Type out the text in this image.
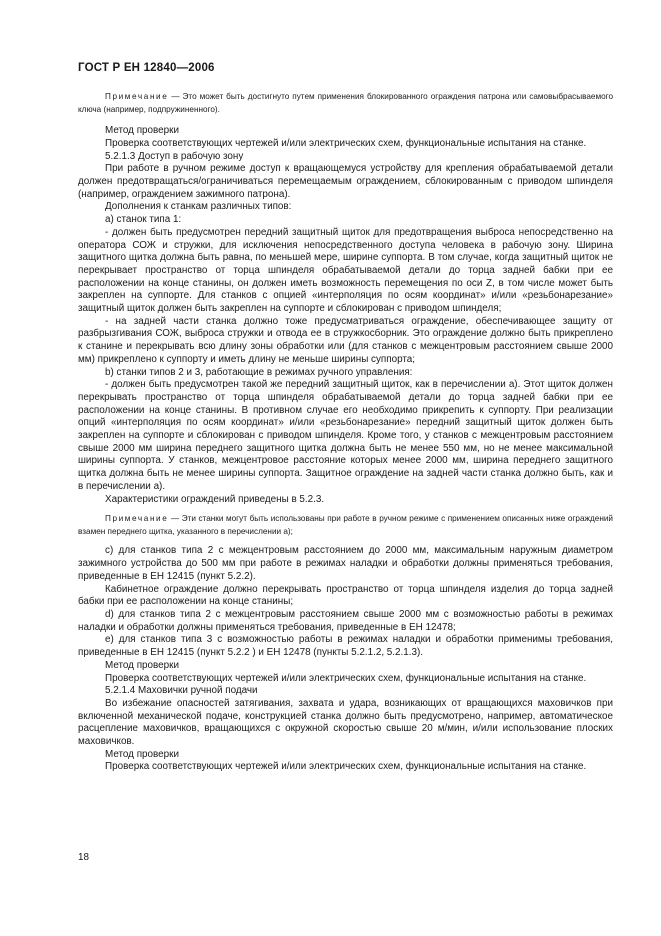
ГОСТ Р ЕН 12840—2006

Примечание — Это может быть достигнуто путем применения блокированного ограждения патрона или самовыбрасываемого ключа (например, подпружиненного).

Метод проверки

Проверка соответствующих чертежей и/или электрических схем, функциональные испытания на станке.

5.2.1.3 Доступ в рабочую зону

При работе в ручном режиме доступ к вращающемуся устройству для крепления обрабатываемой детали должен предотвращаться/ограничиваться перемещаемым ограждением, сблокированным с приводом шпинделя (например, ограждением зажимного патрона).

Дополнения к станкам различных типов:

а) станок типа 1:

- должен быть предусмотрен передний защитный щиток для предотвращения выброса непосредственно на оператора СОЖ и стружки, для исключения непосредственного доступа человека в рабочую зону. Ширина защитного щитка должна быть равна, по меньшей мере, ширине суппорта. В том случае, когда защитный щиток не перекрывает пространство от торца шпинделя обрабатываемой детали до торца задней бабки при ее расположении на конце станины, он должен иметь возможность перемещения по оси Z, в том числе может быть закреплен на суппорте. Для станков с опцией «интерполяция по осям координат» и/или «резьбонарезание» защитный щиток должен быть закреплен на суппорте и сблокирован с приводом шпинделя;

- на задней части станка должно тоже предусматриваться ограждение, обеспечивающее защиту от разбрызгивания СОЖ, выброса стружки и отвода ее в стружкосборник. Это ограждение должно быть прикреплено к станине и перекрывать всю длину зоны обработки или (для станков с межцентровым расстоянием свыше 2000 мм) прикреплено к суппорту и иметь длину не меньше ширины суппорта;

b) станки типов 2 и 3, работающие в режимах ручного управления:

- должен быть предусмотрен такой же передний защитный щиток, как в перечислении а). Этот щиток должен перекрывать пространство от торца шпинделя обрабатываемой детали до торца задней бабки при ее расположении на конце станины. В противном случае его необходимо прикрепить к суппорту. При реализации опций «интерполяция по осям координат» и/или «резьбонарезание» передний защитный щиток должен быть закреплен на суппорте и сблокирован с приводом шпинделя. Кроме того, у станков с межцентровым расстоянием свыше 2000 мм ширина переднего защитного щитка должна быть не менее 550 мм, но не менее максимальной ширины суппорта. У станков, межцентровое расстояние которых менее 2000 мм, ширина переднего защитного щитка должна быть не менее ширины суппорта. Защитное ограждение на задней части станка должно быть, как и в перечислении а).

Характеристики ограждений приведены в 5.2.3.

Примечание — Эти станки могут быть использованы при работе в ручном режиме с применением описанных ниже ограждений взамен переднего щитка, указанного в перечислении а);

с) для станков типа 2 с межцентровым расстоянием до 2000 мм, максимальным наружным диаметром зажимного устройства до 500 мм при работе в режимах наладки и обработки должны применяться требования, приведенные в ЕН 12415 (пункт 5.2.2).

Кабинетное ограждение должно перекрывать пространство от торца шпинделя изделия до торца задней бабки при ее расположении на конце станины;

d) для станков типа 2 с межцентровым расстоянием свыше 2000 мм с возможностью работы в режимах наладки и обработки должны применяться требования, приведенные в ЕН 12478;

е) для станков типа 3 с возможностью работы в режимах наладки и обработки применимы требования, приведенные в ЕН 12415 (пункт 5.2.2 ) и ЕН 12478 (пункты 5.2.1.2, 5.2.1.3).

Метод проверки

Проверка соответствующих чертежей и/или электрических схем, функциональные испытания на станке.

5.2.1.4 Маховички ручной подачи

Во избежание опасностей затягивания, захвата и удара, возникающих от вращающихся маховичков при включенной механической подаче, конструкцией станка должно быть предусмотрено, например, автоматическое расцепление маховичков, вращающихся с окружной скоростью свыше 20 м/мин, и/или использование плоских маховичков.

Метод проверки

Проверка соответствующих чертежей и/или электрических схем, функциональные испытания на станке.

18
